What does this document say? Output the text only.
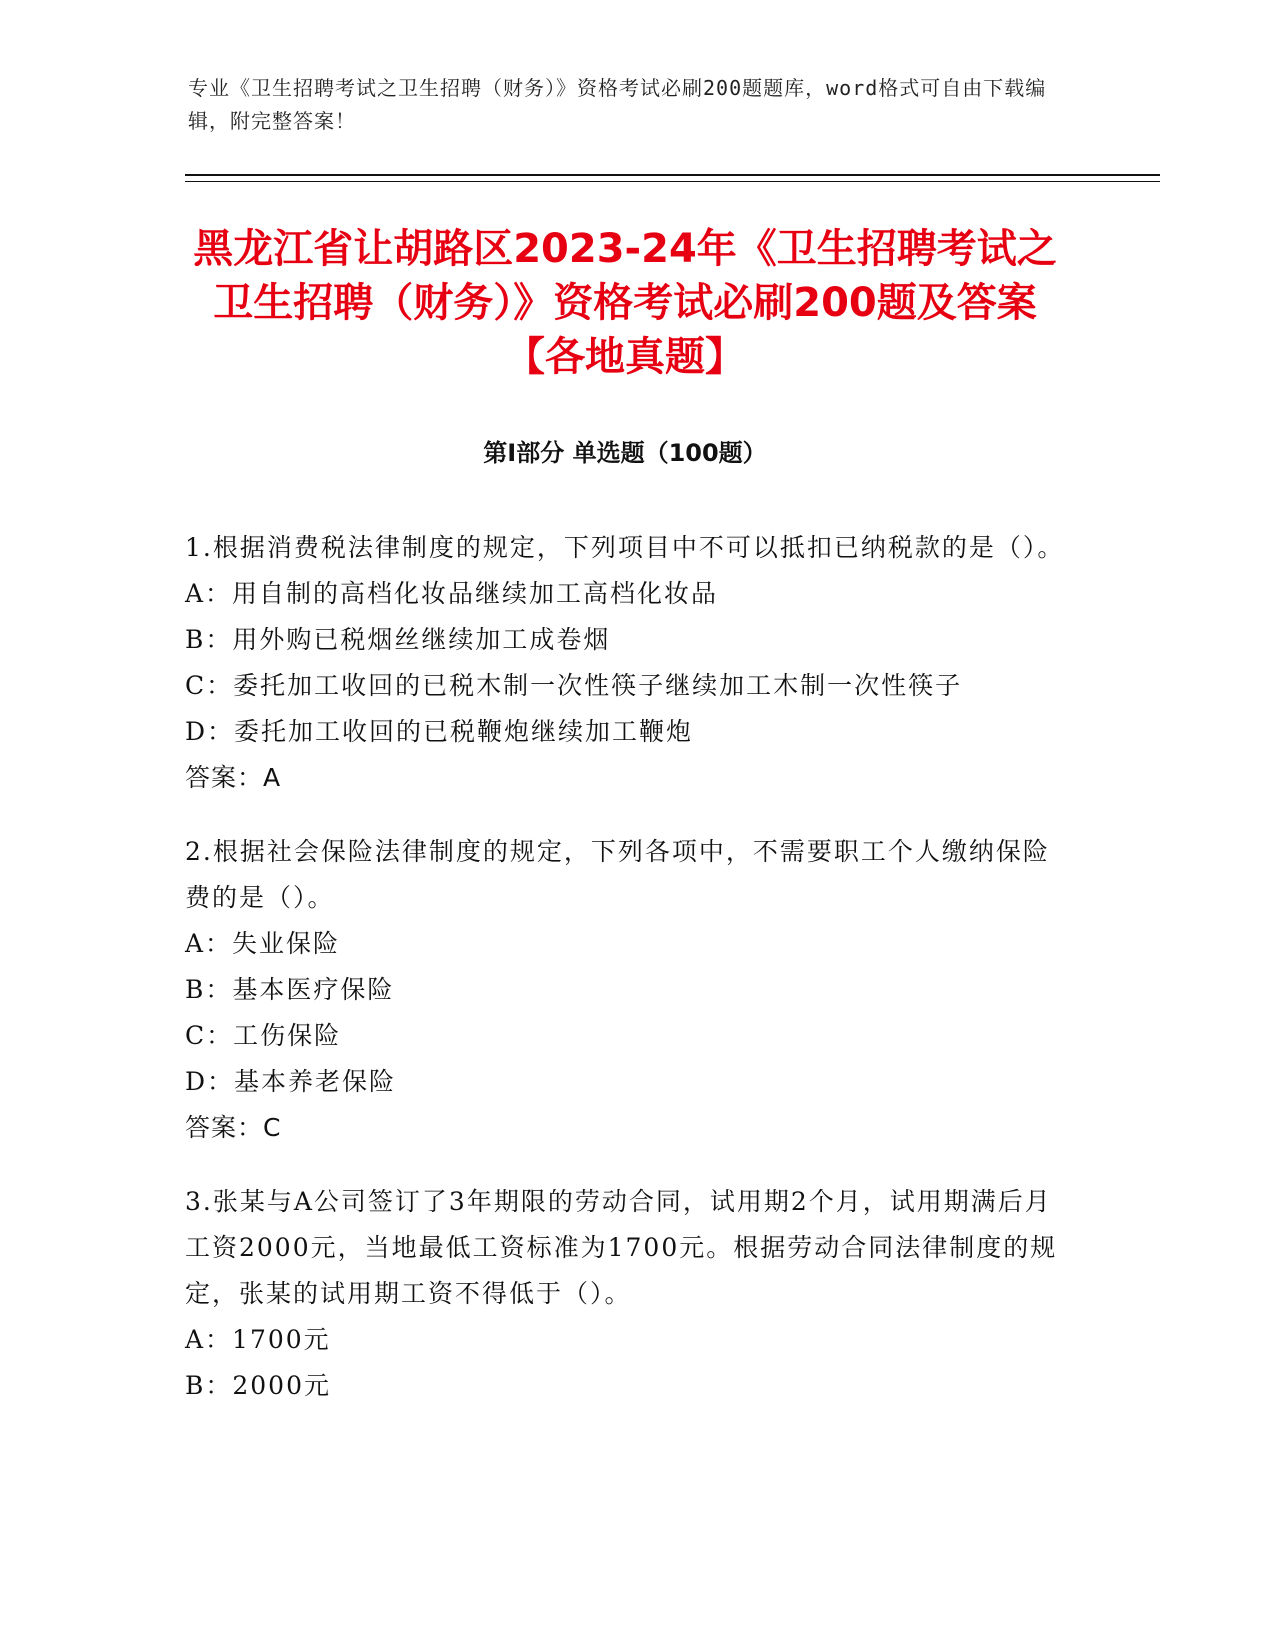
专业《卫生招聘考试之卫生招聘（财务）》资格考试必刷200题题库，word格式可自由下载编辑，附完整答案！
黑龙江省让胡路区2023-24年《卫生招聘考试之卫生招聘（财务）》资格考试必刷200题及答案【各地真题】
第I部分 单选题（100题）
1.根据消费税法律制度的规定，下列项目中不可以抵扣已纳税款的是（）。
A：用自制的高档化妆品继续加工高档化妆品
B：用外购已税烟丝继续加工成卷烟
C：委托加工收回的已税木制一次性筷子继续加工木制一次性筷子
D：委托加工收回的已税鞭炮继续加工鞭炮
答案：A
2.根据社会保险法律制度的规定，下列各项中，不需要职工个人缴纳保险费的是（）。
A：失业保险
B：基本医疗保险
C：工伤保险
D：基本养老保险
答案：C
3.张某与A公司签订了3年期限的劳动合同，试用期2个月，试用期满后月工资2000元，当地最低工资标准为1700元。根据劳动合同法律制度的规定，张某的试用期工资不得低于（）。
A：1700元
B：2000元
